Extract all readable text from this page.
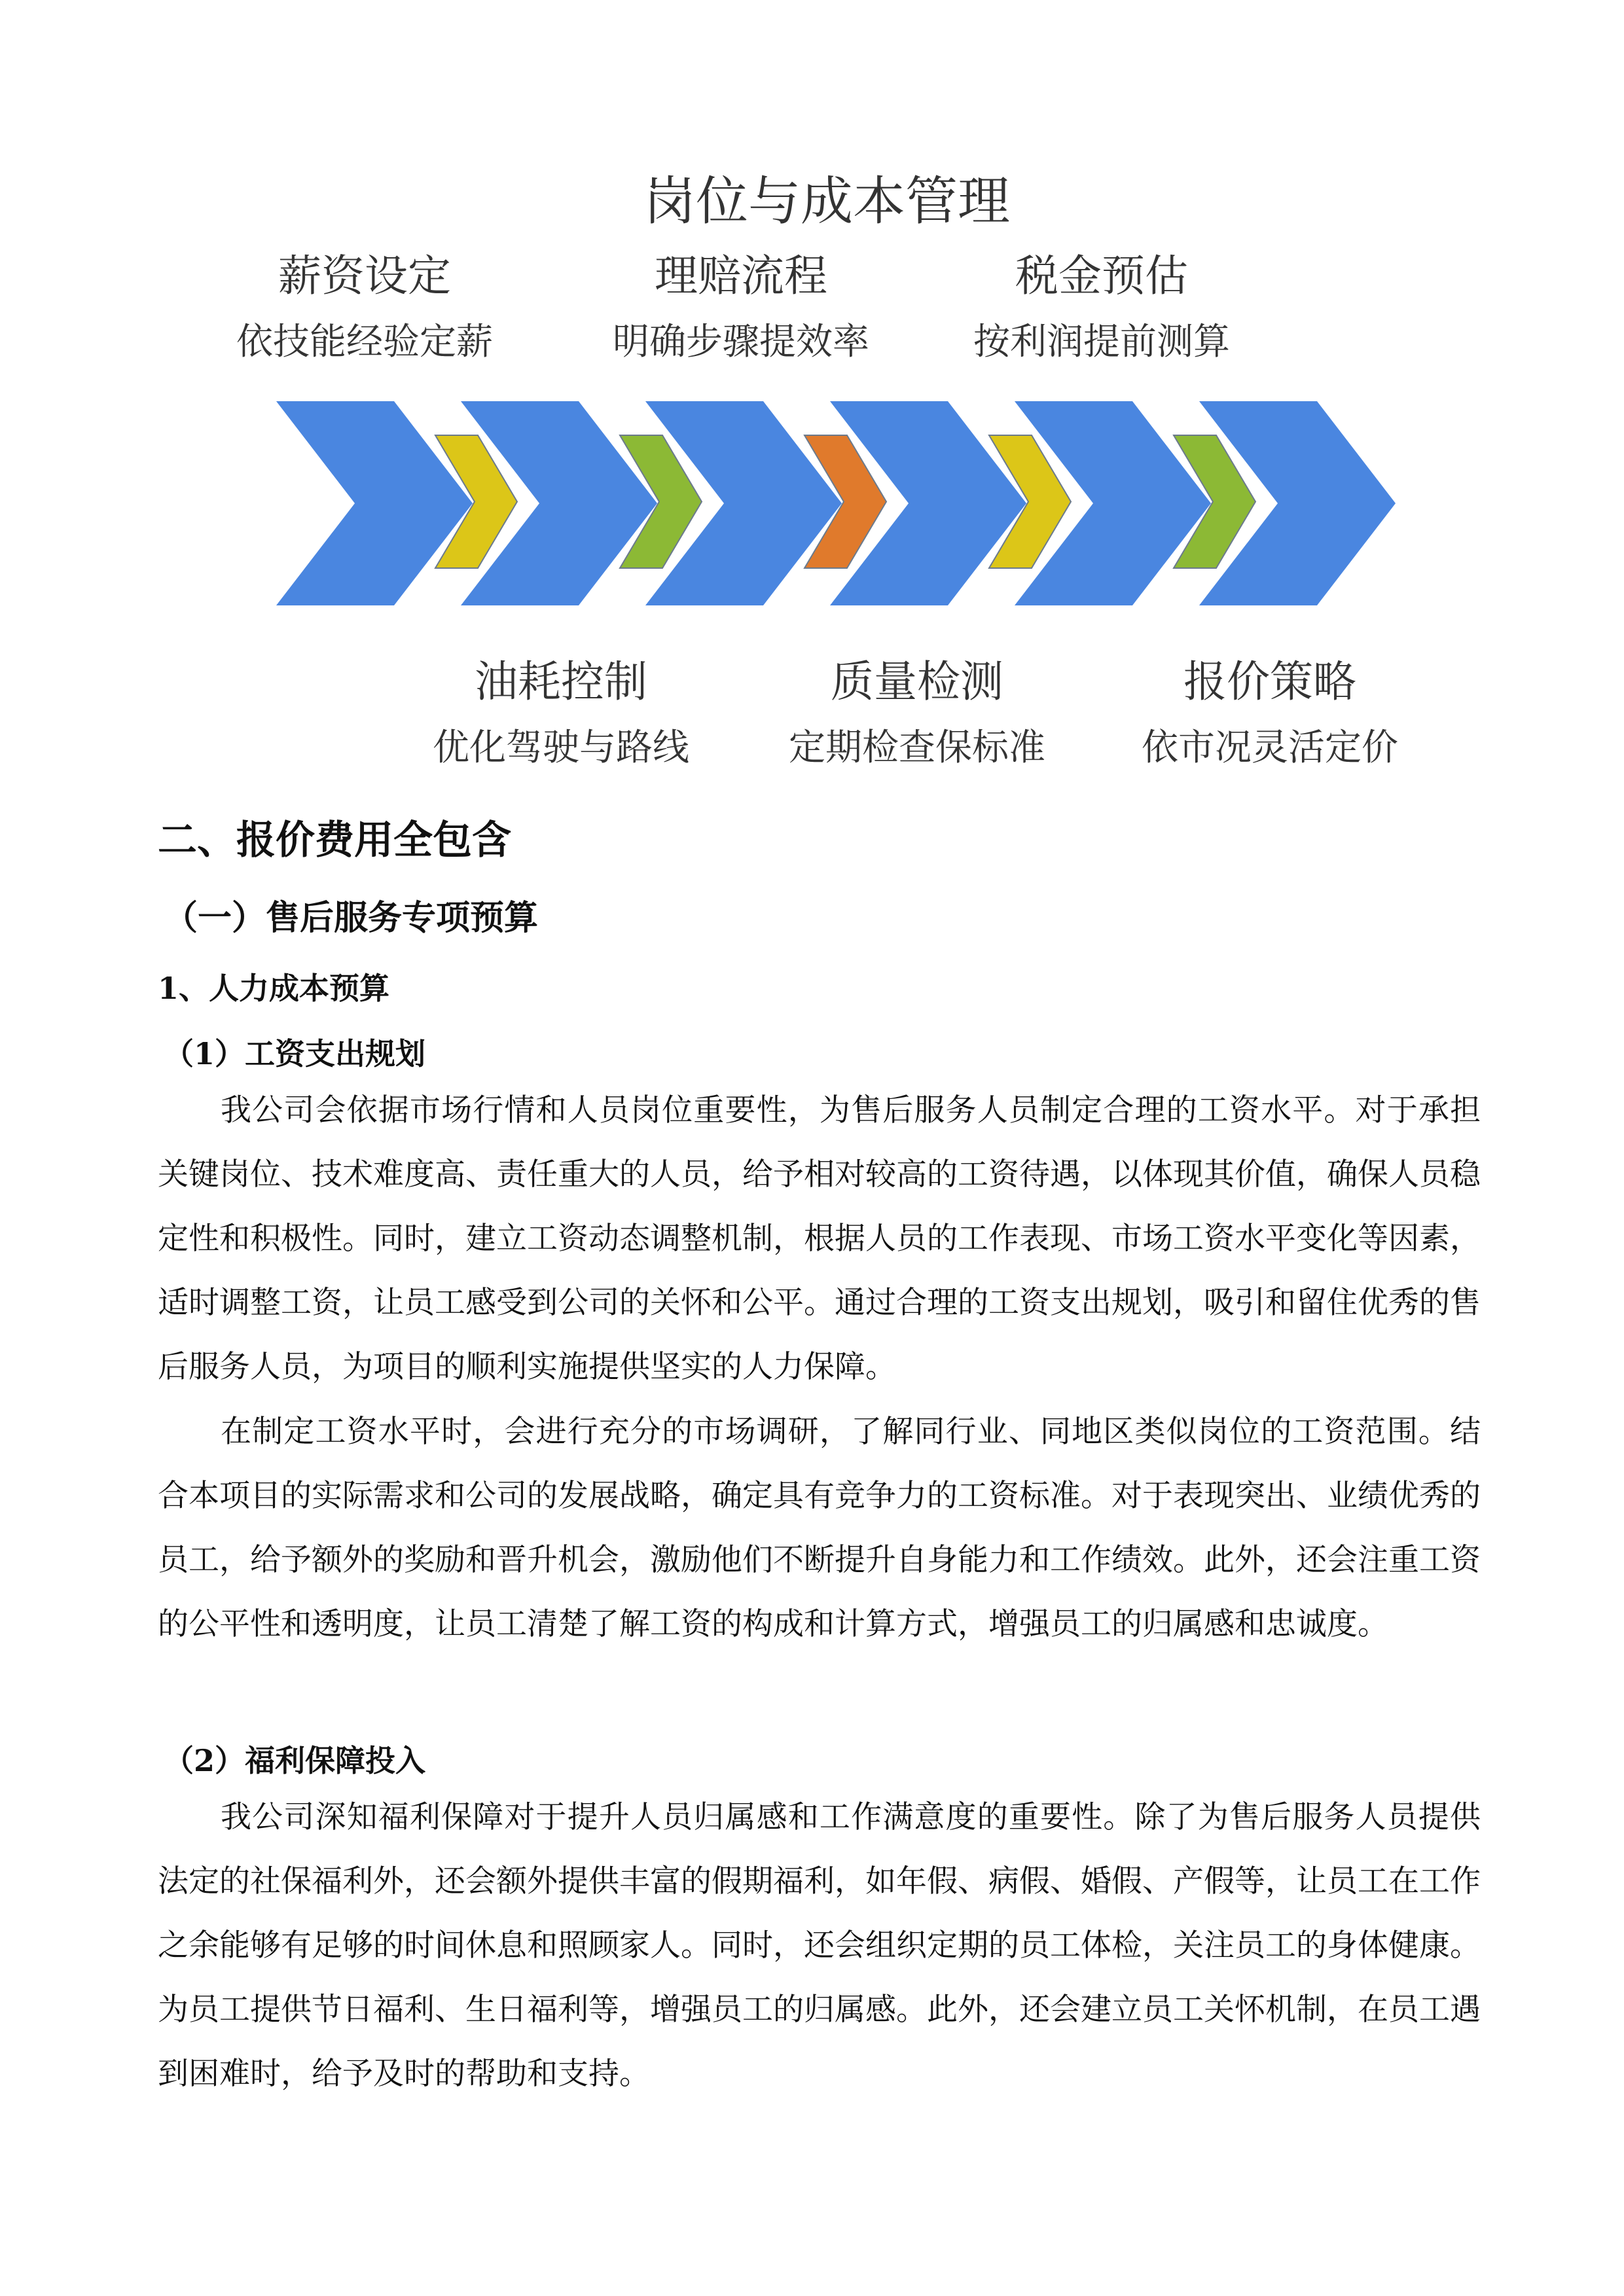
岗位与成本管理
薪资设定
依技能经验定薪
理赔流程
明确步骤提效率
税金预估
按利润提前测算
油耗控制
优化驾驶与路线
质量检测
定期检查保标准
报价策略
依市况灵活定价
二、报价费用全包含
（一）售后服务专项预算
1、人力成本预算
（1）工资支出规划
我公司会依据市场行情和人员岗位重要性，为售后服务人员制定合理的工资水平。对于承担关键岗位、技术难度高、责任重大的人员，给予相对较高的工资待遇，以体现其价值，确保人员稳定性和积极性。同时，建立工资动态调整机制，根据人员的工作表现、市场工资水平变化等因素，适时调整工资，让员工感受到公司的关怀和公平。通过合理的工资支出规划，吸引和留住优秀的售后服务人员，为项目的顺利实施提供坚实的人力保障。
在制定工资水平时，会进行充分的市场调研，了解同行业、同地区类似岗位的工资范围。结合本项目的实际需求和公司的发展战略，确定具有竞争力的工资标准。对于表现突出、业绩优秀的员工，给予额外的奖励和晋升机会，激励他们不断提升自身能力和工作绩效。此外，还会注重工资的公平性和透明度，让员工清楚了解工资的构成和计算方式，增强员工的归属感和忠诚度。
（2）福利保障投入
我公司深知福利保障对于提升人员归属感和工作满意度的重要性。除了为售后服务人员提供法定的社保福利外，还会额外提供丰富的假期福利，如年假、病假、婚假、产假等，让员工在工作之余能够有足够的时间休息和照顾家人。同时，还会组织定期的员工体检，关注员工的身体健康。为员工提供节日福利、生日福利等，增强员工的归属感。此外，还会建立员工关怀机制，在员工遇到困难时，给予及时的帮助和支持。
